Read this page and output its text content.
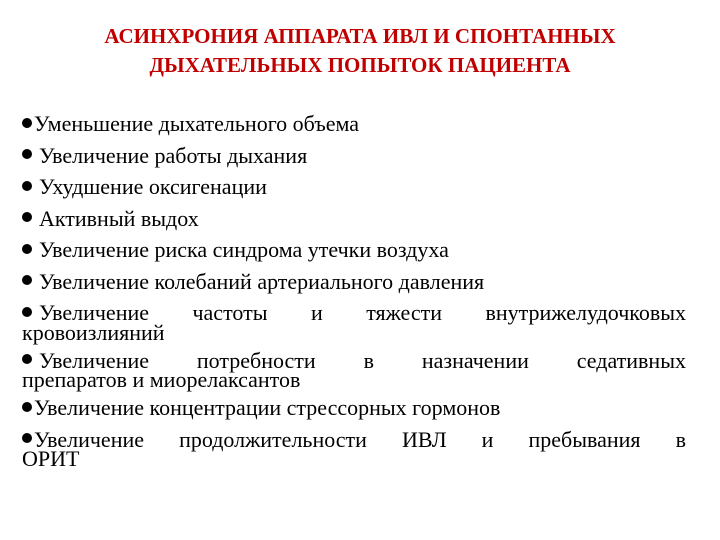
АСИНХРОНИЯ АППАРАТА ИВЛ И СПОНТАННЫХ
ДЫХАТЕЛЬНЫХ ПОПЫТОК ПАЦИЕНТА
Уменьшение дыхательного объема
Увеличение работы дыхания
Ухудшение оксигенации
Активный выдох
Увеличение риска синдрома утечки воздуха
Увеличение колебаний артериального давления
Увеличение частоты и тяжести внутрижелудочковых
кровоизлияний
Увеличение потребности в назначении седативных
препаратов и миорелаксантов
Увеличение концентрации стрессорных гормонов
Увеличение продолжительности ИВЛ и пребывания в
ОРИТ
